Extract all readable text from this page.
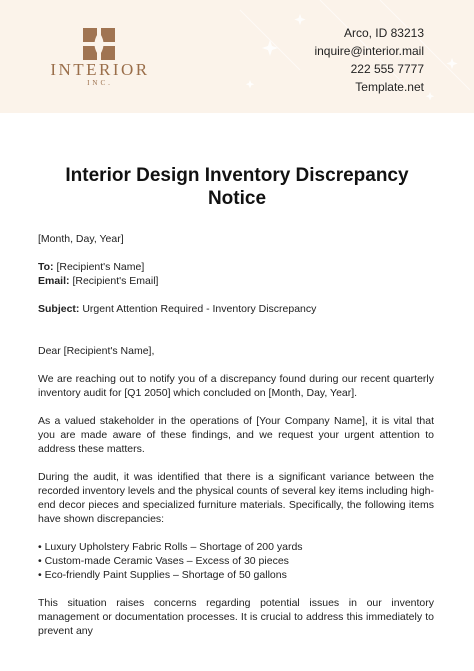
INTERIOR
INC.
Arco, ID 83213
inquire@interior.mail
222 555 7777
Template.net
Interior Design Inventory Discrepancy Notice

[Month, Day, Year]

To: [Recipient's Name]

Email: [Recipient's Email]

Subject: Urgent Attention Required - Inventory Discrepancy

Dear [Recipient's Name],

We are reaching out to notify you of a discrepancy found during our recent quarterly inventory audit for [Q1 2050] which concluded on [Month, Day, Year].

As a valued stakeholder in the operations of [Your Company Name], it is vital that you are made aware of these findings, and we request your urgent attention to address these matters.

During the audit, it was identified that there is a significant variance between the recorded inventory levels and the physical counts of several key items including high-end decor pieces and specialized furniture materials. Specifically, the following items have shown discrepancies:

• Luxury Upholstery Fabric Rolls – Shortage of 200 yards
• Custom-made Ceramic Vases – Excess of 30 pieces
• Eco-friendly Paint Supplies – Shortage of 50 gallons

This situation raises concerns regarding potential issues in our inventory management or documentation processes. It is crucial to address this immediately to prevent any
